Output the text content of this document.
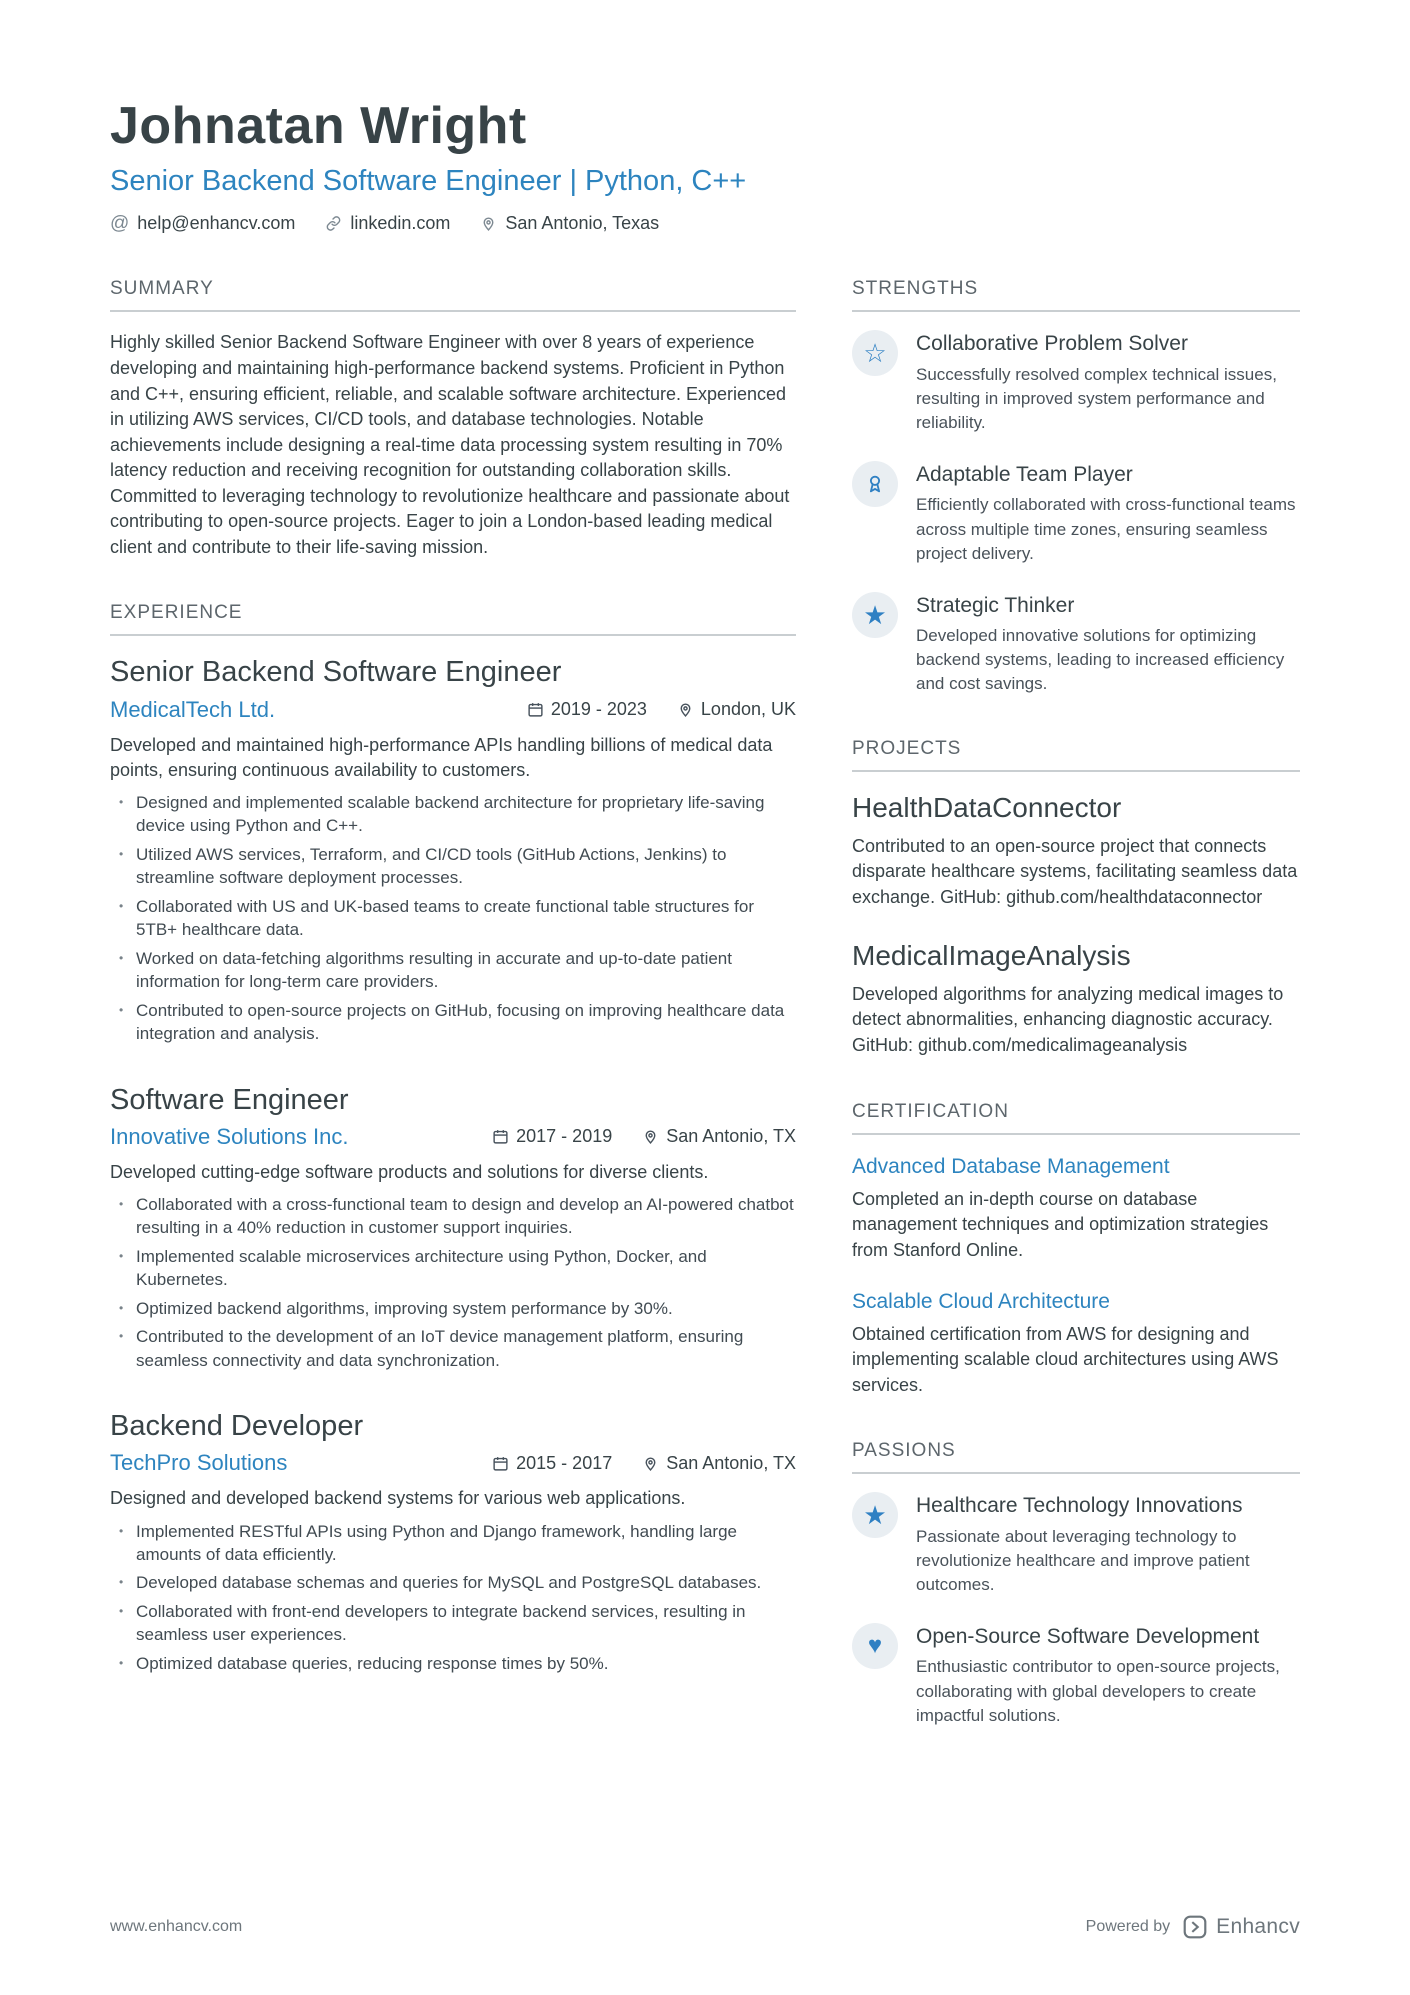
Johnatan Wright
Senior Backend Software Engineer | Python, C++
@ help@enhancv.com	linkedin.com	San Antonio, Texas
SUMMARY

Highly skilled Senior Backend Software Engineer with over 8 years of experience developing and maintaining high-performance backend systems. Proficient in Python and C++, ensuring efficient, reliable, and scalable software architecture. Experienced in utilizing AWS services, CI/CD tools, and database technologies. Notable achievements include designing a real-time data processing system resulting in 70% latency reduction and receiving recognition for outstanding collaboration skills. Committed to leveraging technology to revolutionize healthcare and passionate about contributing to open-source projects. Eager to join a London-based leading medical client and contribute to their life-saving mission.

EXPERIENCE
Senior Backend Software Engineer
MedicalTech Ltd.	2019 - 2023	London, UK

Developed and maintained high-performance APIs handling billions of medical data points, ensuring continuous availability to customers.

• Designed and implemented scalable backend architecture for proprietary life-saving device using Python and C++.
• Utilized AWS services, Terraform, and CI/CD tools (GitHub Actions, Jenkins) to streamline software deployment processes.
• Collaborated with US and UK-based teams to create functional table structures for 5TB+ healthcare data.
• Worked on data-fetching algorithms resulting in accurate and up-to-date patient information for long-term care providers.
• Contributed to open-source projects on GitHub, focusing on improving healthcare data integration and analysis.
Software Engineer
Innovative Solutions Inc.	2017 - 2019	San Antonio, TX

Developed cutting-edge software products and solutions for diverse clients.

• Collaborated with a cross-functional team to design and develop an AI-powered chatbot resulting in a 40% reduction in customer support inquiries.
• Implemented scalable microservices architecture using Python, Docker, and Kubernetes.
• Optimized backend algorithms, improving system performance by 30%.
• Contributed to the development of an IoT device management platform, ensuring seamless connectivity and data synchronization.
Backend Developer
TechPro Solutions	2015 - 2017	San Antonio, TX

Designed and developed backend systems for various web applications.

• Implemented RESTful APIs using Python and Django framework, handling large amounts of data efficiently.
• Developed database schemas and queries for MySQL and PostgreSQL databases.
• Collaborated with front-end developers to integrate backend services, resulting in seamless user experiences.
• Optimized database queries, reducing response times by 50%.
STRENGTHS
☆	Collaborative Problem Solver
Successfully resolved complex technical issues, resulting in improved system performance and reliability.
Adaptable Team Player
Efficiently collaborated with cross-functional teams across multiple time zones, ensuring seamless project delivery.
★	Strategic Thinker
Developed innovative solutions for optimizing backend systems, leading to increased efficiency and cost savings.
PROJECTS
HealthDataConnector

Contributed to an open-source project that connects disparate healthcare systems, facilitating seamless data exchange. GitHub: github.com/healthdataconnector

MedicalImageAnalysis

Developed algorithms for analyzing medical images to detect abnormalities, enhancing diagnostic accuracy. GitHub: github.com/medicalimageanalysis

CERTIFICATION
Advanced Database Management

Completed an in-depth course on database management techniques and optimization strategies from Stanford Online.

Scalable Cloud Architecture

Obtained certification from AWS for designing and implementing scalable cloud architectures using AWS services.

PASSIONS
★	Healthcare Technology Innovations
Passionate about leveraging technology to revolutionize healthcare and improve patient outcomes.
♥	Open-Source Software Development
Enthusiastic contributor to open-source projects, collaborating with global developers to create impactful solutions.
www.enhancv.com	Powered by Enhancv
